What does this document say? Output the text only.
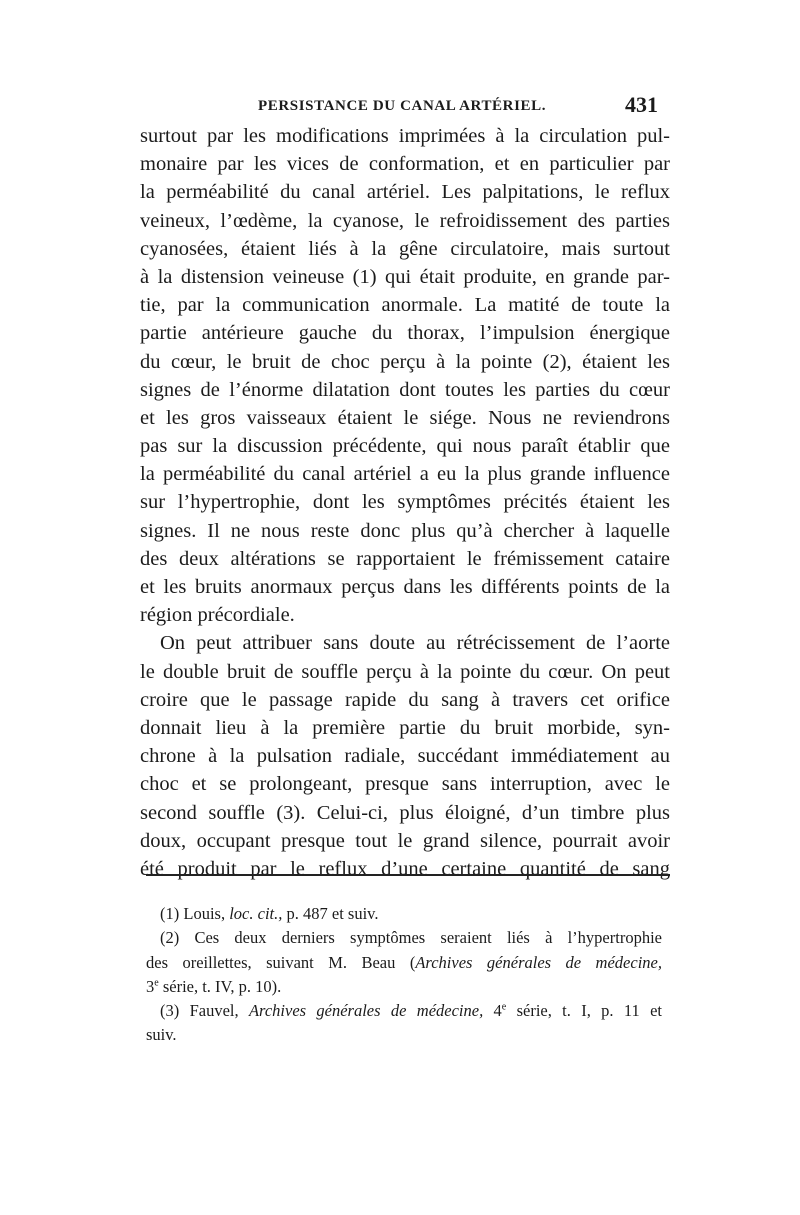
PERSISTANCE DU CANAL ARTÉRIEL.	431
surtout par les modifications imprimées à la circulation pul-
monaire par les vices de conformation, et en particulier par
la perméabilité du canal artériel. Les palpitations, le reflux
veineux, l’œdème, la cyanose, le refroidissement des parties
cyanosées, étaient liés à la gêne circulatoire, mais surtout
à la distension veineuse (1) qui était produite, en grande par-
tie, par la communication anormale. La matité de toute la
partie antérieure gauche du thorax, l’impulsion énergique
du cœur, le bruit de choc perçu à la pointe (2), étaient les
signes de l’énorme dilatation dont toutes les parties du cœur
et les gros vaisseaux étaient le siége. Nous ne reviendrons
pas sur la discussion précédente, qui nous paraît établir que
la perméabilité du canal artériel a eu la plus grande influence
sur l’hypertrophie, dont les symptômes précités étaient les
signes. Il ne nous reste donc plus qu’à chercher à laquelle
des deux altérations se rapportaient le frémissement cataire
et les bruits anormaux perçus dans les différents points de la
région précordiale.
On peut attribuer sans doute au rétrécissement de l’aorte
le double bruit de souffle perçu à la pointe du cœur. On peut
croire que le passage rapide du sang à travers cet orifice
donnait lieu à la première partie du bruit morbide, syn-
chrone à la pulsation radiale, succédant immédiatement au
choc et se prolongeant, presque sans interruption, avec le
second souffle (3). Celui-ci, plus éloigné, d’un timbre plus
doux, occupant presque tout le grand silence, pourrait avoir
été produit par le reflux d’une certaine quantité de sang
(1) Louis, loc. cit., p. 487 et suiv.
(2) Ces deux derniers symptômes seraient liés à l’hypertrophie
des oreillettes, suivant M. Beau (Archives générales de médecine,
3e série, t. IV, p. 10).
(3) Fauvel, Archives générales de médecine, 4e série, t. I, p. 11 et
suiv.
